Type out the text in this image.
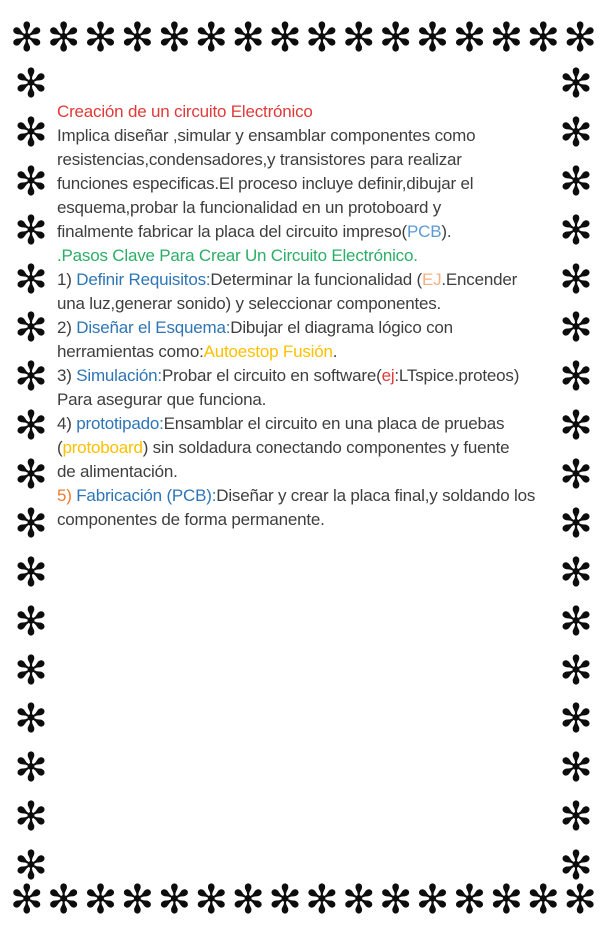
✻ ✻ ✻ ✻ ✻ ✻ ✻ ✻ ✻ ✻ ✻ ✻ ✻ ✻ ✻ ✻
✻
✻
✻
✻
✻
✻
✻
✻
✻
✻
✻
✻
✻
✻
✻
✻
✻
✻
✻
✻
✻
✻
✻
✻
✻
✻
✻
✻
✻
✻
✻
✻
✻
✻
✻ ✻ ✻ ✻ ✻ ✻ ✻ ✻ ✻ ✻ ✻ ✻ ✻ ✻ ✻ ✻
Creación de un circuito Electrónico
Implica diseñar ,simular y ensamblar componentes como
resistencias,condensadores,y transistores para realizar
funciones especificas.El proceso incluye definir,dibujar el
esquema,probar la funcionalidad en un protoboard y
finalmente fabricar la placa del circuito impreso(PCB).
.Pasos Clave Para Crear Un Circuito Electrónico.
1) Definir Requisitos:Determinar la funcionalidad (EJ.Encender
una luz,generar sonido) y seleccionar componentes.
2) Diseñar el Esquema:Dibujar el diagrama lógico con
herramientas como:Autoestop Fusión.
3) Simulación:Probar el circuito en software(ej:LTspice.proteos)
Para asegurar que funciona.
4) prototipado:Ensamblar el circuito en una placa de pruebas
(protoboard) sin soldadura conectando componentes y fuente
de alimentación.
5) Fabricación (PCB):Diseñar y crear la placa final,y soldando los
componentes de forma permanente.
